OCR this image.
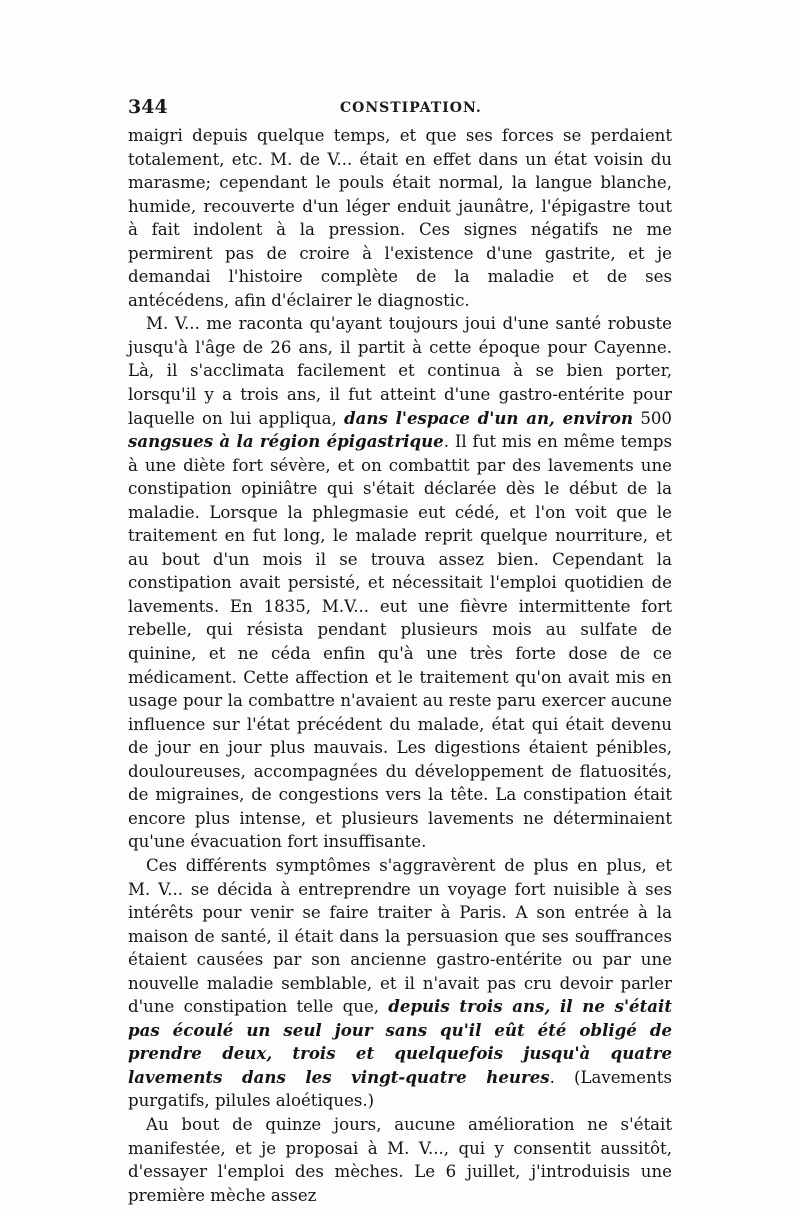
344	CONSTIPATION.

maigri depuis quelque temps, et que ses forces se perdaient totalement, etc. M. de V... était en effet dans un état voisin du marasme; cependant le pouls était normal, la langue blanche, humide, recouverte d'un léger enduit jaunâtre, l'épigastre tout à fait indolent à la pression. Ces signes négatifs ne me permirent pas de croire à l'existence d'une gastrite, et je demandai l'histoire complète de la maladie et de ses antécédens, afin d'éclairer le diagnostic.

M. V... me raconta qu'ayant toujours joui d'une santé robuste jusqu'à l'âge de 26 ans, il partit à cette époque pour Cayenne. Là, il s'acclimata facilement et continua à se bien porter, lorsqu'il y a trois ans, il fut atteint d'une gastro-entérite pour laquelle on lui appliqua, dans l'espace d'un an, environ 500 sangsues à la région épigastrique. Il fut mis en même temps à une diète fort sévère, et on combattit par des lavements une constipation opiniâtre qui s'était déclarée dès le début de la maladie. Lorsque la phlegmasie eut cédé, et l'on voit que le traitement en fut long, le malade reprit quelque nourriture, et au bout d'un mois il se trouva assez bien. Cependant la constipation avait persisté, et nécessitait l'emploi quotidien de lavements. En 1835, M.V... eut une fièvre intermittente fort rebelle, qui résista pendant plusieurs mois au sulfate de quinine, et ne céda enfin qu'à une très forte dose de ce médicament. Cette affection et le traitement qu'on avait mis en usage pour la combattre n'avaient au reste paru exercer aucune influence sur l'état précédent du malade, état qui était devenu de jour en jour plus mauvais. Les digestions étaient pénibles, douloureuses, accompagnées du développement de flatuosités, de migraines, de congestions vers la tête. La constipation était encore plus intense, et plusieurs lavements ne déterminaient qu'une évacuation fort insuffisante.

Ces différents symptômes s'aggravèrent de plus en plus, et M. V... se décida à entreprendre un voyage fort nuisible à ses intérêts pour venir se faire traiter à Paris. A son entrée à la maison de santé, il était dans la persuasion que ses souffrances étaient causées par son ancienne gastro-entérite ou par une nouvelle maladie semblable, et il n'avait pas cru devoir parler d'une constipation telle que, depuis trois ans, il ne s'était pas écoulé un seul jour sans qu'il eût été obligé de prendre deux, trois et quelquefois jusqu'à quatre lavements dans les vingt-quatre heures. (Lavements purgatifs, pilules aloétiques.)

Au bout de quinze jours, aucune amélioration ne s'était manifestée, et je proposai à M. V..., qui y consentit aussitôt, d'essayer l'emploi des mèches. Le 6 juillet, j'introduisis une première mèche assez
